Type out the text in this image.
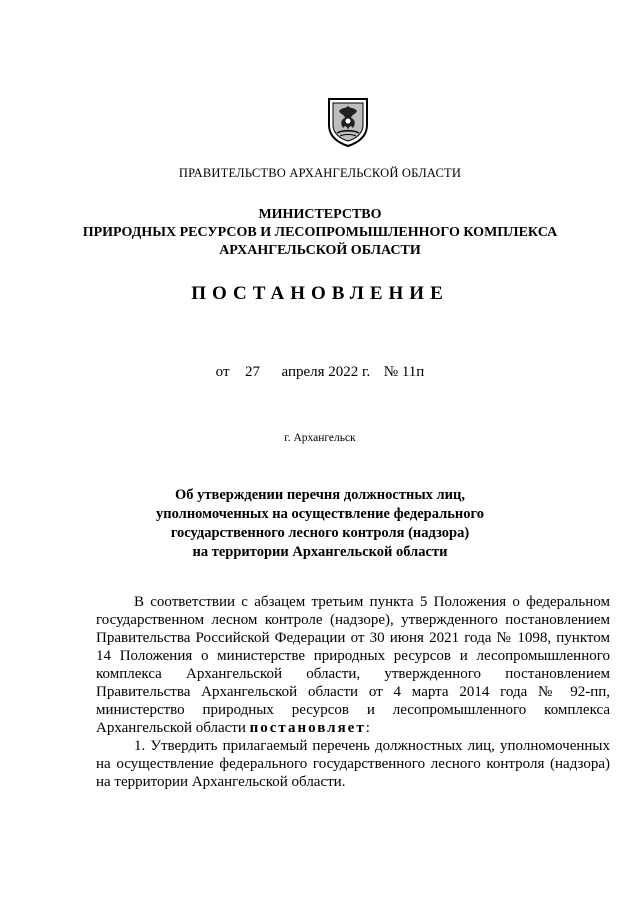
ПРАВИТЕЛЬСТВО АРХАНГЕЛЬСКОЙ ОБЛАСТИ
МИНИСТЕРСТВО
ПРИРОДНЫХ РЕСУРСОВ И ЛЕСОПРОМЫШЛЕННОГО КОМПЛЕКСА
АРХАНГЕЛЬСКОЙ ОБЛАСТИ
ПОСТАНОВЛЕНИЕ
от 27 апреля 2022 г. № 11п
г. Архангельск
Об утверждении перечня должностных лиц,
уполномоченных на осуществление федерального
государственного лесного контроля (надзора)
на территории Архангельской области

В соответствии с абзацем третьим пункта 5 Положения о федеральном государственном лесном контроле (надзоре), утвержденного постановлением Правительства Российской Федерации от 30 июня 2021 года № 1098, пунктом 14 Положения о министерстве природных ресурсов и лесопромышленного комплекса Архангельской области, утвержденного постановлением Правительства Архангельской области от 4 марта 2014 года № 92-пп, министерство природных ресурсов и лесопромышленного комплекса Архангельской области постановляет:

1. Утвердить прилагаемый перечень должностных лиц, уполномоченных на осуществление федерального государственного лесного контроля (надзора) на территории Архангельской области.
